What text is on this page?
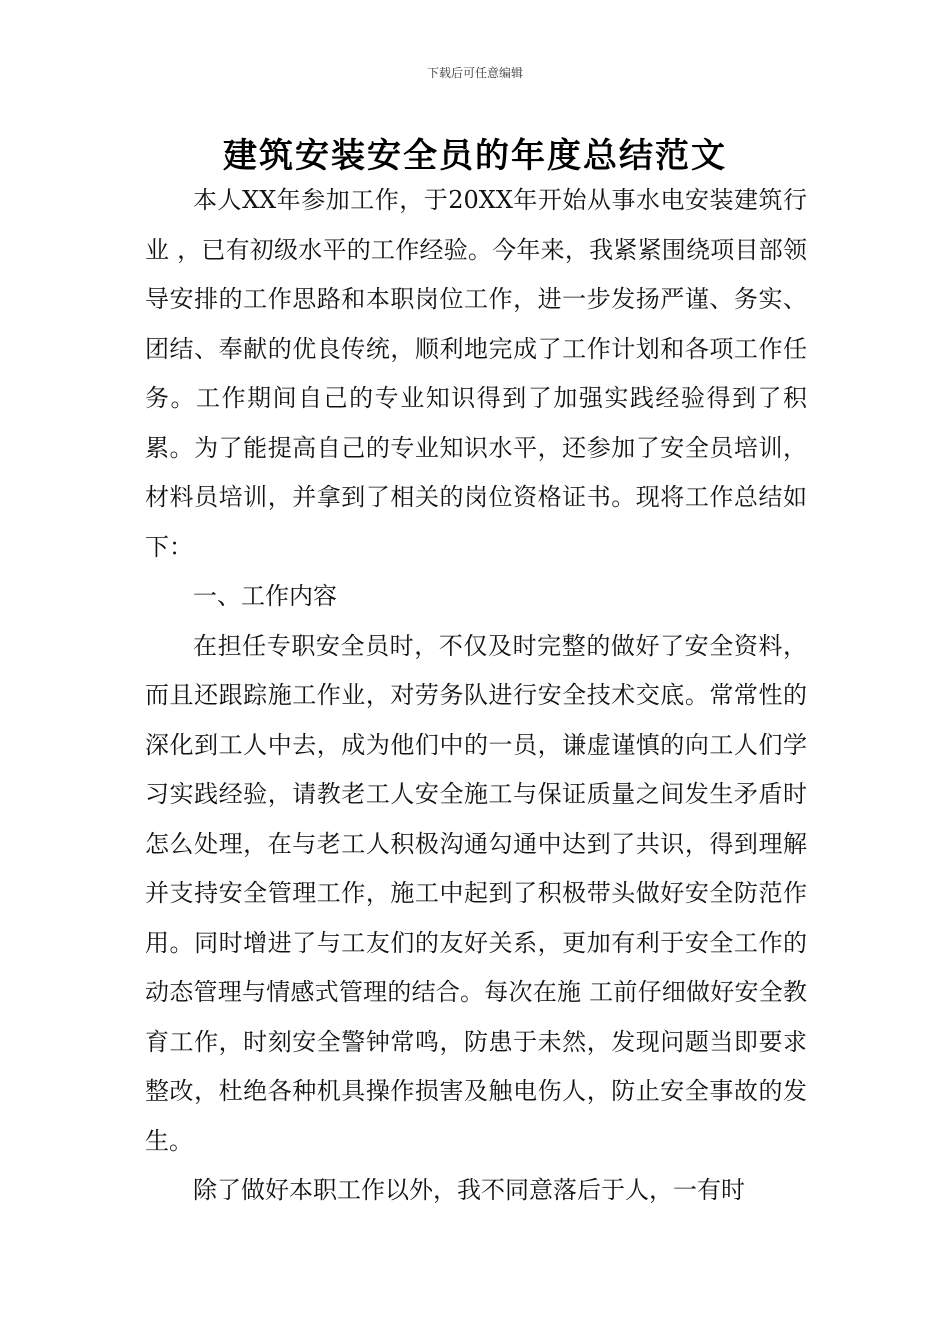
下载后可任意编辑
建筑安装安全员的年度总结范文

本人XX年参加工作，于20XX年开始从事水电安装建筑行业 ，已有初级水平的工作经验。今年来，我紧紧围绕项目部领导安排的工作思路和本职岗位工作，进一步发扬严谨、务实、团结、奉献的优良传统，顺利地完成了工作计划和各项工作任务。工作期间自己的专业知识得到了加强实践经验得到了积累。为了能提高自己的专业知识水平，还参加了安全员培训，材料员培训，并拿到了相关的岗位资格证书。现将工作总结如下：

一、工作内容

在担任专职安全员时，不仅及时完整的做好了安全资料，而且还跟踪施工作业，对劳务队进行安全技术交底。常常性的深化到工人中去，成为他们中的一员，谦虚谨慎的向工人们学习实践经验，请教老工人安全施工与保证质量之间发生矛盾时怎么处理，在与老工人积极沟通勾通中达到了共识，得到理解 并支持安全管理工作，施工中起到了积极带头做好安全防范作用。同时增进了与工友们的友好关系，更加有利于安全工作的动态管理与情感式管理的结合。每次在施 工前仔细做好安全教育工作，时刻安全警钟常鸣，防患于未然，发现问题当即要求整改，杜绝各种机具操作损害及触电伤人，防止安全事故的发生。

除了做好本职工作以外，我不同意落后于人，一有时
